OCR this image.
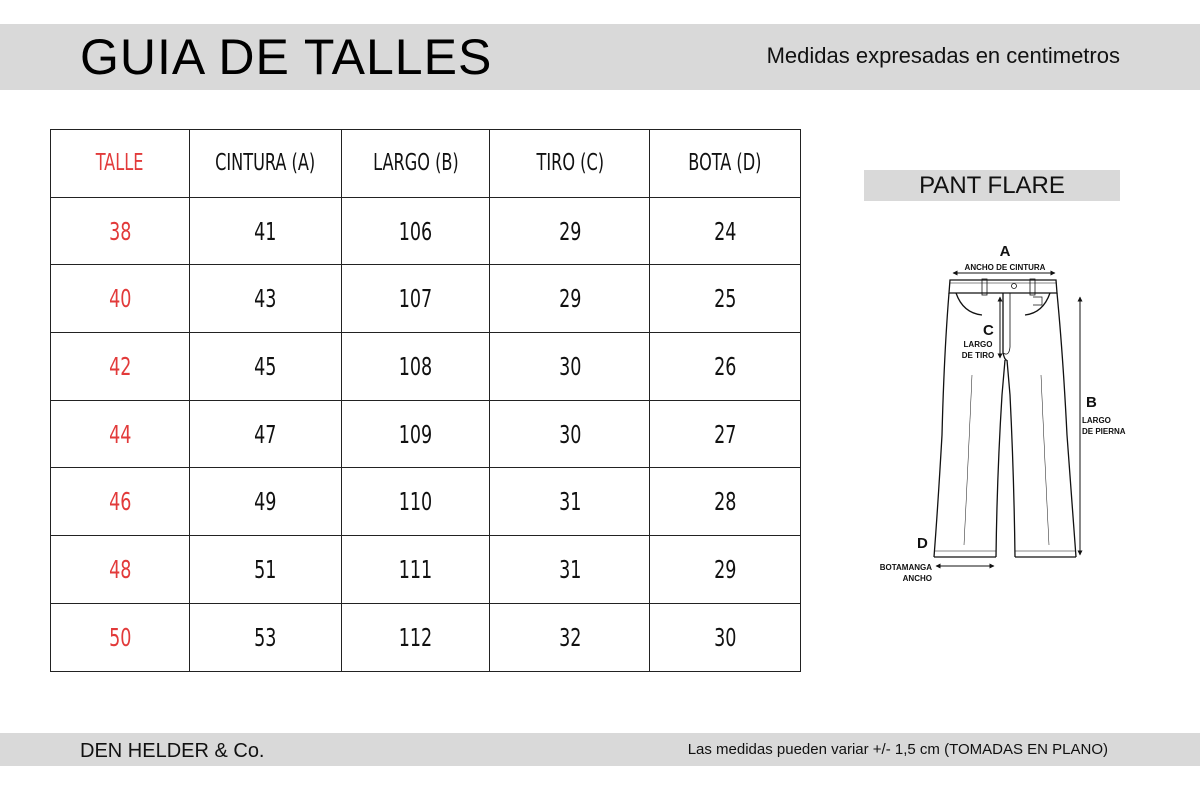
GUIA DE TALLES	Medidas expresadas en centimetros
TALLE	CINTURA (A)	LARGO (B)	TIRO (C)	BOTA (D)
38	41	106	29	24
40	43	107	29	25
42	45	108	30	26
44	47	109	30	27
46	49	110	31	28
48	51	111	31	29
50	53	112	32	30
PANT FLARE
A
ANCHO DE CINTURA
B
LARGO
DE PIERNA
C
LARGO
DE TIRO
D
BOTAMANGA
ANCHO
DEN HELDER & Co.	Las medidas pueden variar +/- 1,5 cm (TOMADAS EN PLANO)
